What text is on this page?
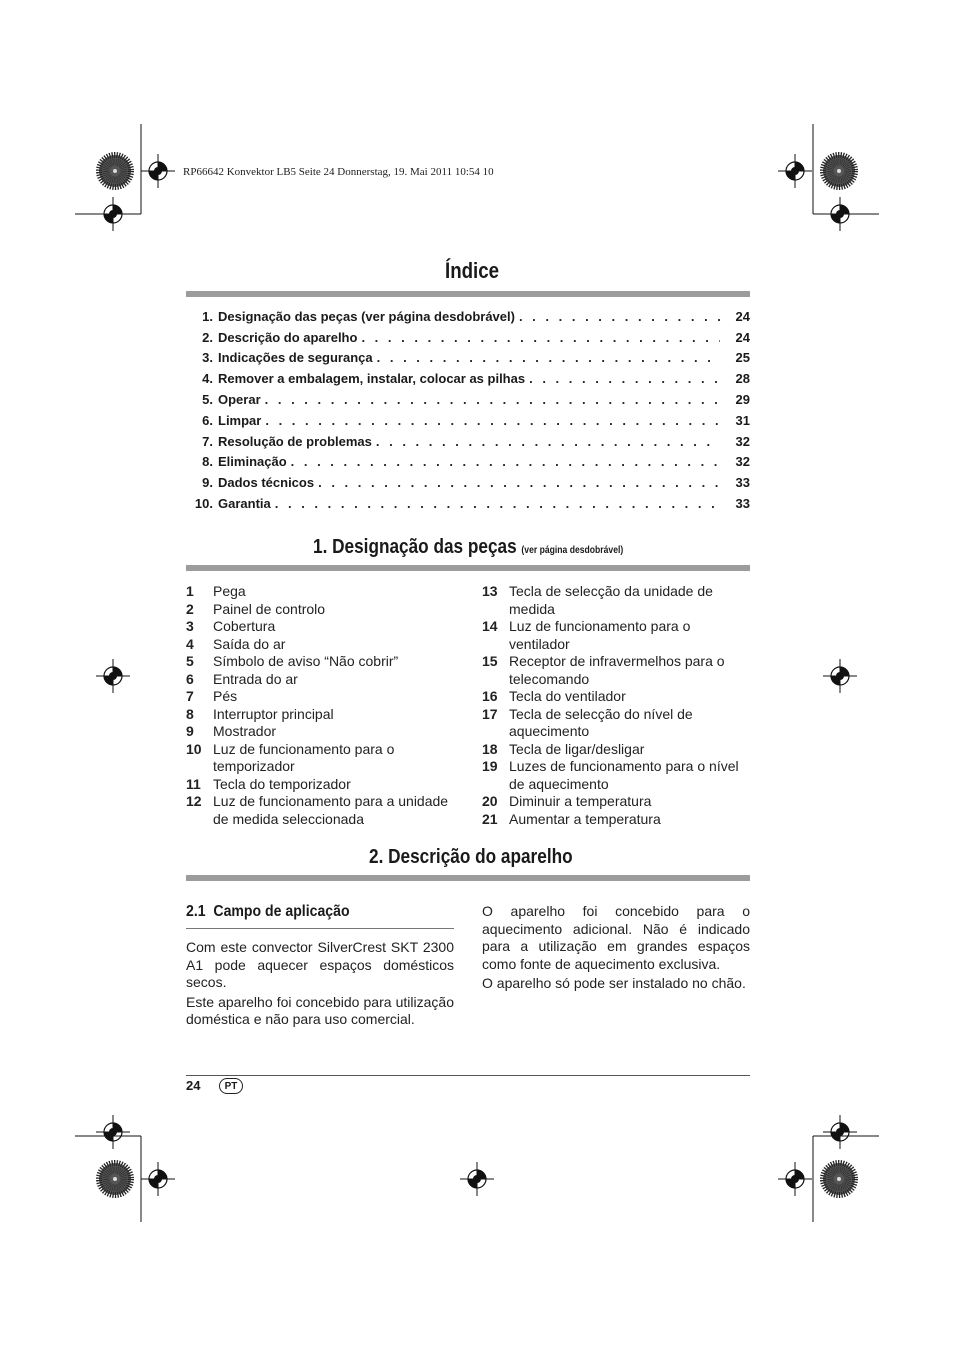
RP66642 Konvektor LB5 Seite 24 Donnerstag, 19. Mai 2011 10:54 10
Índice
1. Designação das peças (ver página desdobrável) . . .	24
2. Descrição do aparelho . . .	24
3. Indicações de segurança . . .	25
4. Remover a embalagem, instalar, colocar as pilhas . . .	28
5. Operar . . .	29
6. Limpar . . .	31
7. Resolução de problemas . . .	32
8. Eliminação . . .	32
9. Dados técnicos . . .	33
10. Garantia . . .	33
1. Designação das peças (ver página desdobrável)
1	Pega
2	Painel de controlo
3	Cobertura
4	Saída do ar
5	Símbolo de aviso “Não cobrir”
6	Entrada do ar
7	Pés
8	Interruptor principal
9	Mostrador
10 Luz de funcionamento para o temporizador
11 Tecla do temporizador
12 Luz de funcionamento para a unidade de medida seleccionada
13 Tecla de selecção da unidade de medida
14 Luz de funcionamento para o ventilador
15 Receptor de infravermelhos para o telecomando
16 Tecla do ventilador
17 Tecla de selecção do nível de aquecimento
18 Tecla de ligar/desligar
19 Luzes de funcionamento para o nível de aquecimento
20 Diminuir a temperatura
21 Aumentar a temperatura
2. Descrição do aparelho
2.1  Campo de aplicação

Com este convector SilverCrest SKT 2300 A1 pode aquecer espaços domésticos secos.

Este aparelho foi concebido para utilização doméstica e não para uso comercial.

O aparelho foi concebido para o aquecimento adicional. Não é indicado para a utilização em grandes espaços como fonte de aquecimento exclusiva.

O aparelho só pode ser instalado no chão.

24	PT
